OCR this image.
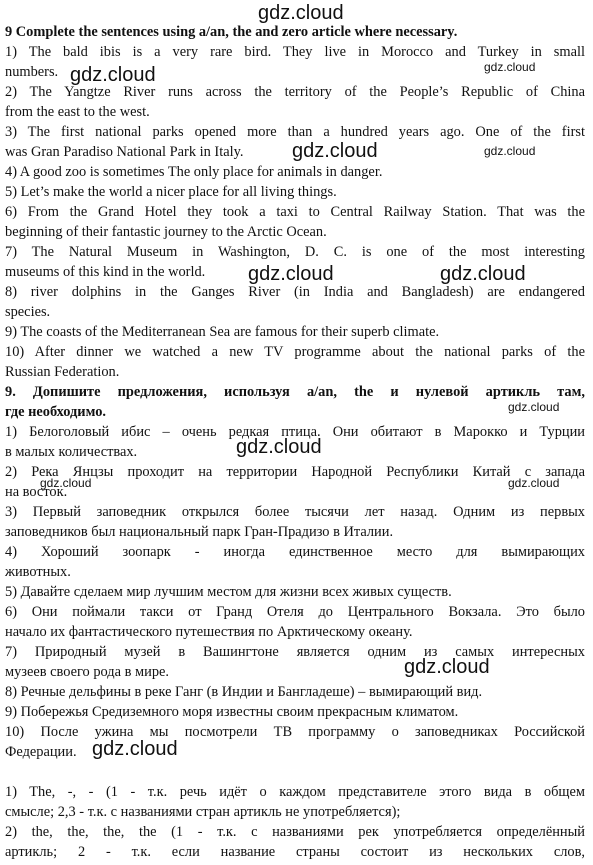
9 Complete the sentences using a/an, the and zero article where necessary.

1) The bald ibis is a very rare bird. They live in Morocco and Turkey in small

numbers.

2) The Yangtze River runs across the territory of the People’s Republic of China

from the east to the west.

3) The first national parks opened more than a hundred years ago. One of the first

was Gran Paradiso National Park in Italy.

4) A good zoo is sometimes The only place for animals in danger.

5) Let’s make the world a nicer place for all living things.

6) From the Grand Hotel they took a taxi to Central Railway Station. That was the

beginning of their fantastic journey to the Arctic Ocean.

7) The Natural Museum in Washington, D. C. is one of the most interesting

museums of this kind in the world.

8) river dolphins in the Ganges River (in India and Bangladesh) are endangered

species.

9) The coasts of the Mediterranean Sea are famous for their superb climate.

10) After dinner we watched a new TV programme about the national parks of the

Russian Federation.

9. Допишите предложения, используя a/an, the и нулевой артикль там,

где необходимо.

1) Белоголовый ибис – очень редкая птица. Они обитают в Марокко и Турции

в малых количествах.

2) Река Янцзы проходит на территории Народной Республики Китай с запада

на восток.

3) Первый заповедник открылся более тысячи лет назад. Одним из первых

заповедников был национальный парк Гран-Прадизо в Италии.

4) Хороший зоопарк - иногда единственное место для вымирающих

животных.

5) Давайте сделаем мир лучшим местом для жизни всех живых существ.

6) Они поймали такси от Гранд Отеля до Центрального Вокзала. Это было

начало их фантастического путешествия по Арктическому океану.

7) Природный музей в Вашингтоне является одним из самых интересных

музеев своего рода в мире.

8) Речные дельфины в реке Ганг (в Индии и Бангладеше) – вымирающий вид.

9) Побережья Средиземного моря известны своим прекрасным климатом.

10) После ужина мы посмотрели ТВ программу о заповедниках Российской

Федерации.

1) The, -, - (1 - т.к. речь идёт о каждом представителе этого вида в общем

смысле; 2,3 - т.к. с названиями стран артикль не употребляется);

2) the, the, the, the (1 - т.к. с названиями рек употребляется определённый

артикль; 2 - т.к. если название страны состоит из нескольких слов,

gdz.cloud
gdz.cloud	gdz.cloud
gdz.cloud	gdz.cloud
gdz.cloud	gdz.cloud
gdz.cloud
gdz.cloud
gdz.cloud	gdz.cloud
gdz.cloud
gdz.cloud
